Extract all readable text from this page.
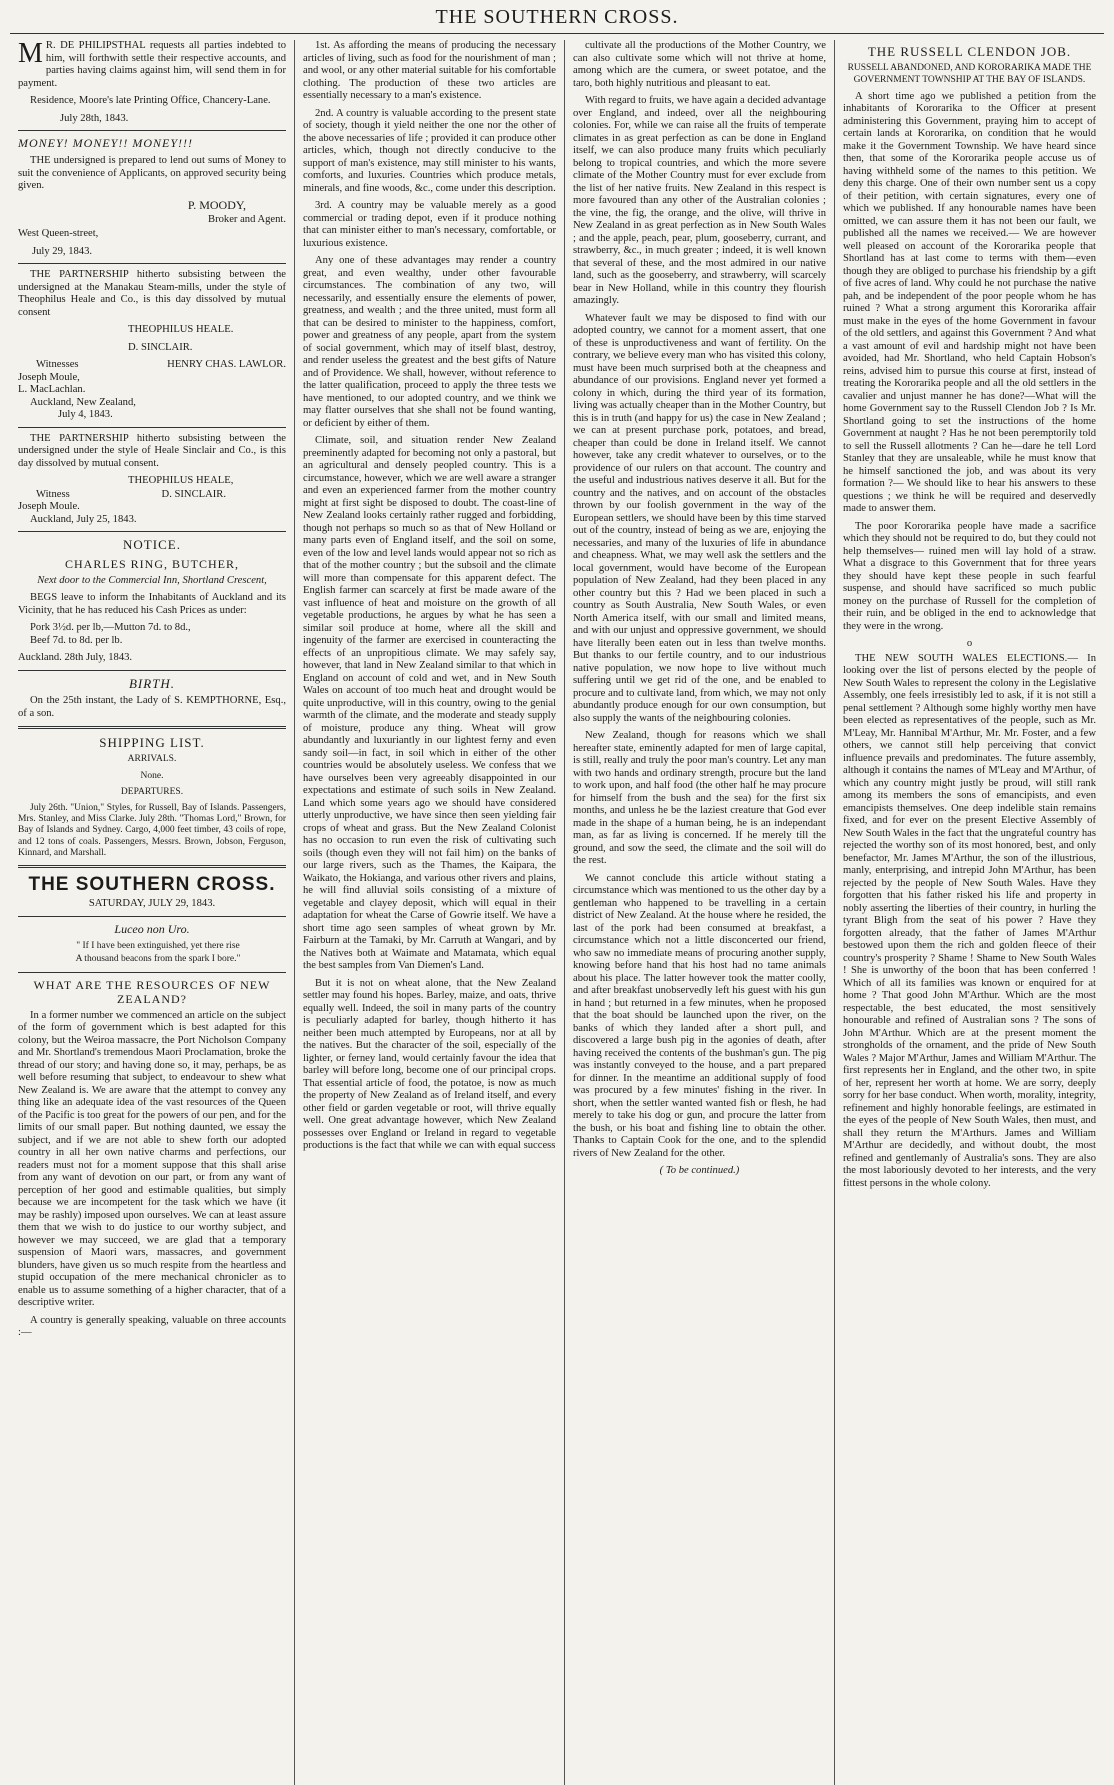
THE SOUTHERN CROSS.

M R. DE PHILIPSTHAL requests all parties indebted to him, will forthwith settle their respective accounts, and parties having claims against him, will send them in for payment.

Residence, Moore's late Printing Office, Chancery-Lane.

July 28th, 1843.

MONEY! MONEY!! MONEY!!!

THE undersigned is prepared to lend out sums of Money to suit the convenience of Applicants, on approved security being given.

P. MOODY,

Broker and Agent.

West Queen-street,

July 29, 1843.

THE PARTNERSHIP hitherto subsisting between the undersigned at the Manakau Steam-mills, under the style of Theophilus Heale and Co., is this day dissolved by mutual consent

THEOPHILUS HEALE.

D. SINCLAIR.

Witnesses	HENRY CHAS. LAWLOR.

Joseph Moule,

L. MacLachlan.

Auckland, New Zealand,

July 4, 1843.

THE PARTNERSHIP hitherto subsisting between the undersigned under the style of Heale Sinclair and Co., is this day dissolved by mutual consent.

THEOPHILUS HEALE,

Witness	D. SINCLAIR.

Joseph Moule.

Auckland, July 25, 1843.

NOTICE.

CHARLES RING, BUTCHER,

Next door to the Commercial Inn, Shortland Crescent,

BEGS leave to inform the Inhabitants of Auckland and its Vicinity, that he has reduced his Cash Prices as under:

Pork 3½d. per lb,—Mutton 7d. to 8d.,

Beef 7d. to 8d. per lb.

Auckland. 28th July, 1843.

BIRTH.

On the 25th instant, the Lady of S. KEMPTHORNE, Esq., of a son.

SHIPPING LIST.

ARRIVALS.

None.

DEPARTURES.

July 26th. "Union," Styles, for Russell, Bay of Islands. Passengers, Mrs. Stanley, and Miss Clarke. July 28th. "Thomas Lord," Brown, for Bay of Islands and Sydney. Cargo, 4,000 feet timber, 43 coils of rope, and 12 tons of coals. Passengers, Messrs. Brown, Jobson, Ferguson, Kinnard, and Marshall.

THE SOUTHERN CROSS.

SATURDAY, JULY 29, 1843.

Luceo non Uro.

" If I have been extinguished, yet there rise

A thousand beacons from the spark I bore."

WHAT ARE THE RESOURCES OF NEW ZEALAND?

In a former number we commenced an article on the subject of the form of government which is best adapted for this colony, but the Weiroa massacre, the Port Nicholson Company and Mr. Shortland's tremendous Maori Proclamation, broke the thread of our story; and having done so, it may, perhaps, be as well before resuming that subject, to endeavour to shew what New Zealand is. We are aware that the attempt to convey any thing like an adequate idea of the vast resources of the Queen of the Pacific is too great for the powers of our pen, and for the limits of our small paper. But nothing daunted, we essay the subject, and if we are not able to shew forth our adopted country in all her own native charms and perfections, our readers must not for a moment suppose that this shall arise from any want of devotion on our part, or from any want of perception of her good and estimable qualities, but simply because we are incompetent for the task which we have (it may be rashly) imposed upon ourselves. We can at least assure them that we wish to do justice to our worthy subject, and however we may succeed, we are glad that a temporary suspension of Maori wars, massacres, and government blunders, have given us so much respite from the heartless and stupid occupation of the mere mechanical chronicler as to enable us to assume something of a higher character, that of a descriptive writer.

A country is generally speaking, valuable on three accounts :—

1st. As affording the means of producing the necessary articles of living, such as food for the nourishment of man ; and wool, or any other material suitable for his comfortable clothing. The production of these two articles are essentially necessary to a man's existence.

2nd. A country is valuable according to the present state of society, though it yield neither the one nor the other of the above necessaries of life ; provided it can produce other articles, which, though not directly conducive to the support of man's existence, may still minister to his wants, comforts, and luxuries. Countries which produce metals, minerals, and fine woods, &c., come under this description.

3rd. A country may be valuable merely as a good commercial or trading depot, even if it produce nothing that can minister either to man's necessary, comfortable, or luxurious existence.

Any one of these advantages may render a country great, and even wealthy, under other favourable circumstances. The combination of any two, will necessarily, and essentially ensure the elements of power, greatness, and wealth ; and the three united, must form all that can be desired to minister to the happiness, comfort, power and greatness of any people, apart from the system of social government, which may of itself blast, destroy, and render useless the greatest and the best gifts of Nature and of Providence. We shall, however, without reference to the latter qualification, proceed to apply the three tests we have mentioned, to our adopted country, and we think we may flatter ourselves that she shall not be found wanting, or deficient by either of them.

Climate, soil, and situation render New Zealand preeminently adapted for becoming not only a pastoral, but an agricultural and densely peopled country. This is a circumstance, however, which we are well aware a stranger and even an experienced farmer from the mother country might at first sight be disposed to doubt. The coast-line of New Zealand looks certainly rather rugged and forbidding, though not perhaps so much so as that of New Holland or many parts even of England itself, and the soil on some, even of the low and level lands would appear not so rich as that of the mother country ; but the subsoil and the climate will more than compensate for this apparent defect. The English farmer can scarcely at first be made aware of the vast influence of heat and moisture on the growth of all vegetable productions, he argues by what he has seen a similar soil produce at home, where all the skill and ingenuity of the farmer are exercised in counteracting the effects of an unpropitious climate. We may safely say, however, that land in New Zealand similar to that which in England on account of cold and wet, and in New South Wales on account of too much heat and drought would be quite unproductive, will in this country, owing to the genial warmth of the climate, and the moderate and steady supply of moisture, produce any thing. Wheat will grow abundantly and luxuriantly in our lightest ferny and even sandy soil—in fact, in soil which in either of the other countries would be absolutely useless. We confess that we have ourselves been very agreeably disappointed in our expectations and estimate of such soils in New Zealand. Land which some years ago we should have considered utterly unproductive, we have since then seen yielding fair crops of wheat and grass. But the New Zealand Colonist has no occasion to run even the risk of cultivating such soils (though even they will not fail him) on the banks of our large rivers, such as the Thames, the Kaipara, the Waikato, the Hokianga, and various other rivers and plains, he will find alluvial soils consisting of a mixture of vegetable and clayey deposit, which will equal in their adaptation for wheat the Carse of Gowrie itself. We have a short time ago seen samples of wheat grown by Mr. Fairburn at the Tamaki, by Mr. Carruth at Wangari, and by the Natives both at Waimate and Matamata, which equal the best samples from Van Diemen's Land.

But it is not on wheat alone, that the New Zealand settler may found his hopes. Barley, maize, and oats, thrive equally well. Indeed, the soil in many parts of the country is peculiarly adapted for barley, though hitherto it has neither been much attempted by Europeans, nor at all by the natives. But the character of the soil, especially of the lighter, or ferney land, would certainly favour the idea that barley will before long, become one of our principal crops. That essential article of food, the potatoe, is now as much the property of New Zealand as of Ireland itself, and every other field or garden vegetable or root, will thrive equally well. One great advantage however, which New Zealand possesses over England or Ireland in regard to vegetable productions is the fact that while we can with equal success

cultivate all the productions of the Mother Country, we can also cultivate some which will not thrive at home, among which are the cumera, or sweet potatoe, and the taro, both highly nutritious and pleasant to eat.

With regard to fruits, we have again a decided advantage over England, and indeed, over all the neighbouring colonies. For, while we can raise all the fruits of temperate climates in as great perfection as can be done in England itself, we can also produce many fruits which peculiarly belong to tropical countries, and which the more severe climate of the Mother Country must for ever exclude from the list of her native fruits. New Zealand in this respect is more favoured than any other of the Australian colonies ; the vine, the fig, the orange, and the olive, will thrive in New Zealand in as great perfection as in New South Wales ; and the apple, peach, pear, plum, gooseberry, currant, and strawberry, &c., in much greater ; indeed, it is well known that several of these, and the most admired in our native land, such as the gooseberry, and strawberry, will scarcely bear in New Holland, while in this country they flourish amazingly.

Whatever fault we may be disposed to find with our adopted country, we cannot for a moment assert, that one of these is unproductiveness and want of fertility. On the contrary, we believe every man who has visited this colony, must have been much surprised both at the cheapness and abundance of our provisions. England never yet formed a colony in which, during the third year of its formation, living was actually cheaper than in the Mother Country, but this is in truth (and happy for us) the case in New Zealand ; we can at present purchase pork, potatoes, and bread, cheaper than could be done in Ireland itself. We cannot however, take any credit whatever to ourselves, or to the providence of our rulers on that account. The country and the useful and industrious natives deserve it all. But for the country and the natives, and on account of the obstacles thrown by our foolish government in the way of the European settlers, we should have been by this time starved out of the country, instead of being as we are, enjoying the necessaries, and many of the luxuries of life in abundance and cheapness. What, we may well ask the settlers and the local government, would have become of the European population of New Zealand, had they been placed in any other country but this ? Had we been placed in such a country as South Australia, New South Wales, or even North America itself, with our small and limited means, and with our unjust and oppressive government, we should have literally been eaten out in less than twelve months. But thanks to our fertile country, and to our industrious native population, we now hope to live without much suffering until we get rid of the one, and be enabled to procure and to cultivate land, from which, we may not only abundantly produce enough for our own consumption, but also supply the wants of the neighbouring colonies.

New Zealand, though for reasons which we shall hereafter state, eminently adapted for men of large capital, is still, really and truly the poor man's country. Let any man with two hands and ordinary strength, procure but the land to work upon, and half food (the other half he may procure for himself from the bush and the sea) for the first six months, and unless he be the laziest creature that God ever made in the shape of a human being, he is an independant man, as far as living is concerned. If he merely till the ground, and sow the seed, the climate and the soil will do the rest.

We cannot conclude this article without stating a circumstance which was mentioned to us the other day by a gentleman who happened to be travelling in a certain district of New Zealand. At the house where he resided, the last of the pork had been consumed at breakfast, a circumstance which not a little disconcerted our friend, who saw no immediate means of procuring another supply, knowing before hand that his host had no tame animals about his place. The latter however took the matter coolly, and after breakfast unobservedly left his guest with his gun in hand ; but returned in a few minutes, when he proposed that the boat should be launched upon the river, on the banks of which they landed after a short pull, and discovered a large bush pig in the agonies of death, after having received the contents of the bushman's gun. The pig was instantly conveyed to the house, and a part prepared for dinner. In the meantime an additional supply of food was procured by a few minutes' fishing in the river. In short, when the settler wanted wanted fish or flesh, he had merely to take his dog or gun, and procure the latter from the bush, or his boat and fishing line to obtain the other. Thanks to Captain Cook for the one, and to the splendid rivers of New Zealand for the other.

( To be continued.)

THE RUSSELL CLENDON JOB.

RUSSELL ABANDONED, AND KORORARIKA MADE THE GOVERNMENT TOWNSHIP AT THE BAY OF ISLANDS.

A short time ago we published a petition from the inhabitants of Kororarika to the Officer at present administering this Government, praying him to accept of certain lands at Kororarika, on condition that he would make it the Government Township. We have heard since then, that some of the Kororarika people accuse us of having withheld some of the names to this petition. We deny this charge. One of their own number sent us a copy of their petition, with certain signatures, every one of which we published. If any honourable names have been omitted, we can assure them it has not been our fault, we published all the names we received.— We are however well pleased on account of the Kororarika people that Shortland has at last come to terms with them—even though they are obliged to purchase his friendship by a gift of five acres of land. Why could he not purchase the native pah, and be independent of the poor people whom he has ruined ? What a strong argument this Kororarika affair must make in the eyes of the home Government in favour of the old settlers, and against this Government ? And what a vast amount of evil and hardship might not have been avoided, had Mr. Shortland, who held Captain Hobson's reins, advised him to pursue this course at first, instead of treating the Kororarika people and all the old settlers in the cavalier and unjust manner he has done?—What will the home Government say to the Russell Clendon Job ? Is Mr. Shortland going to set the instructions of the home Government at naught ? Has he not been peremptorily told to sell the Russell allotments ? Can he—dare he tell Lord Stanley that they are unsaleable, while he must know that he himself sanctioned the job, and was about its very formation ?— We should like to hear his answers to these questions ; we think he will be required and deservedly made to answer them.

The poor Kororarika people have made a sacrifice which they should not be required to do, but they could not help themselves— ruined men will lay hold of a straw. What a disgrace to this Government that for three years they should have kept these people in such fearful suspense, and should have sacrificed so much public money on the purchase of Russell for the completion of their ruin, and be obliged in the end to acknowledge that they were in the wrong.

o

THE NEW SOUTH WALES ELECTIONS.— In looking over the list of persons elected by the people of New South Wales to represent the colony in the Legislative Assembly, one feels irresistibly led to ask, if it is not still a penal settlement ? Although some highly worthy men have been elected as representatives of the people, such as Mr. M'Leay, Mr. Hannibal M'Arthur, Mr. Mr. Foster, and a few others, we cannot still help perceiving that convict influence prevails and predominates. The future assembly, although it contains the names of M'Leay and M'Arthur, of which any country might justly be proud, will still rank among its members the sons of emancipists, and even emancipists themselves. One deep indelible stain remains fixed, and for ever on the present Elective Assembly of New South Wales in the fact that the ungrateful country has rejected the worthy son of its most honored, best, and only benefactor, Mr. James M'Arthur, the son of the illustrious, manly, enterprising, and intrepid John M'Arthur, has been rejected by the people of New South Wales. Have they forgotten that his father risked his life and property in nobly asserting the liberties of their country, in hurling the tyrant Bligh from the seat of his power ? Have they forgotten already, that the father of James M'Arthur bestowed upon them the rich and golden fleece of their country's prosperity ? Shame ! Shame to New South Wales ! She is unworthy of the boon that has been conferred ! Which of all its families was known or enquired for at home ? That good John M'Arthur. Which are the most respectable, the best educated, the most sensitively honourable and refined of Australian sons ? The sons of John M'Arthur. Which are at the present moment the strongholds of the ornament, and the pride of New South Wales ? Major M'Arthur, James and William M'Arthur. The first represents her in England, and the other two, in spite of her, represent her worth at home. We are sorry, deeply sorry for her base conduct. When worth, morality, integrity, refinement and highly honorable feelings, are estimated in the eyes of the people of New South Wales, then must, and shall they return the M'Arthurs. James and William M'Arthur are decidedly, and without doubt, the most refined and gentlemanly of Australia's sons. They are also the most laboriously devoted to her interests, and the very fittest persons in the whole colony.
